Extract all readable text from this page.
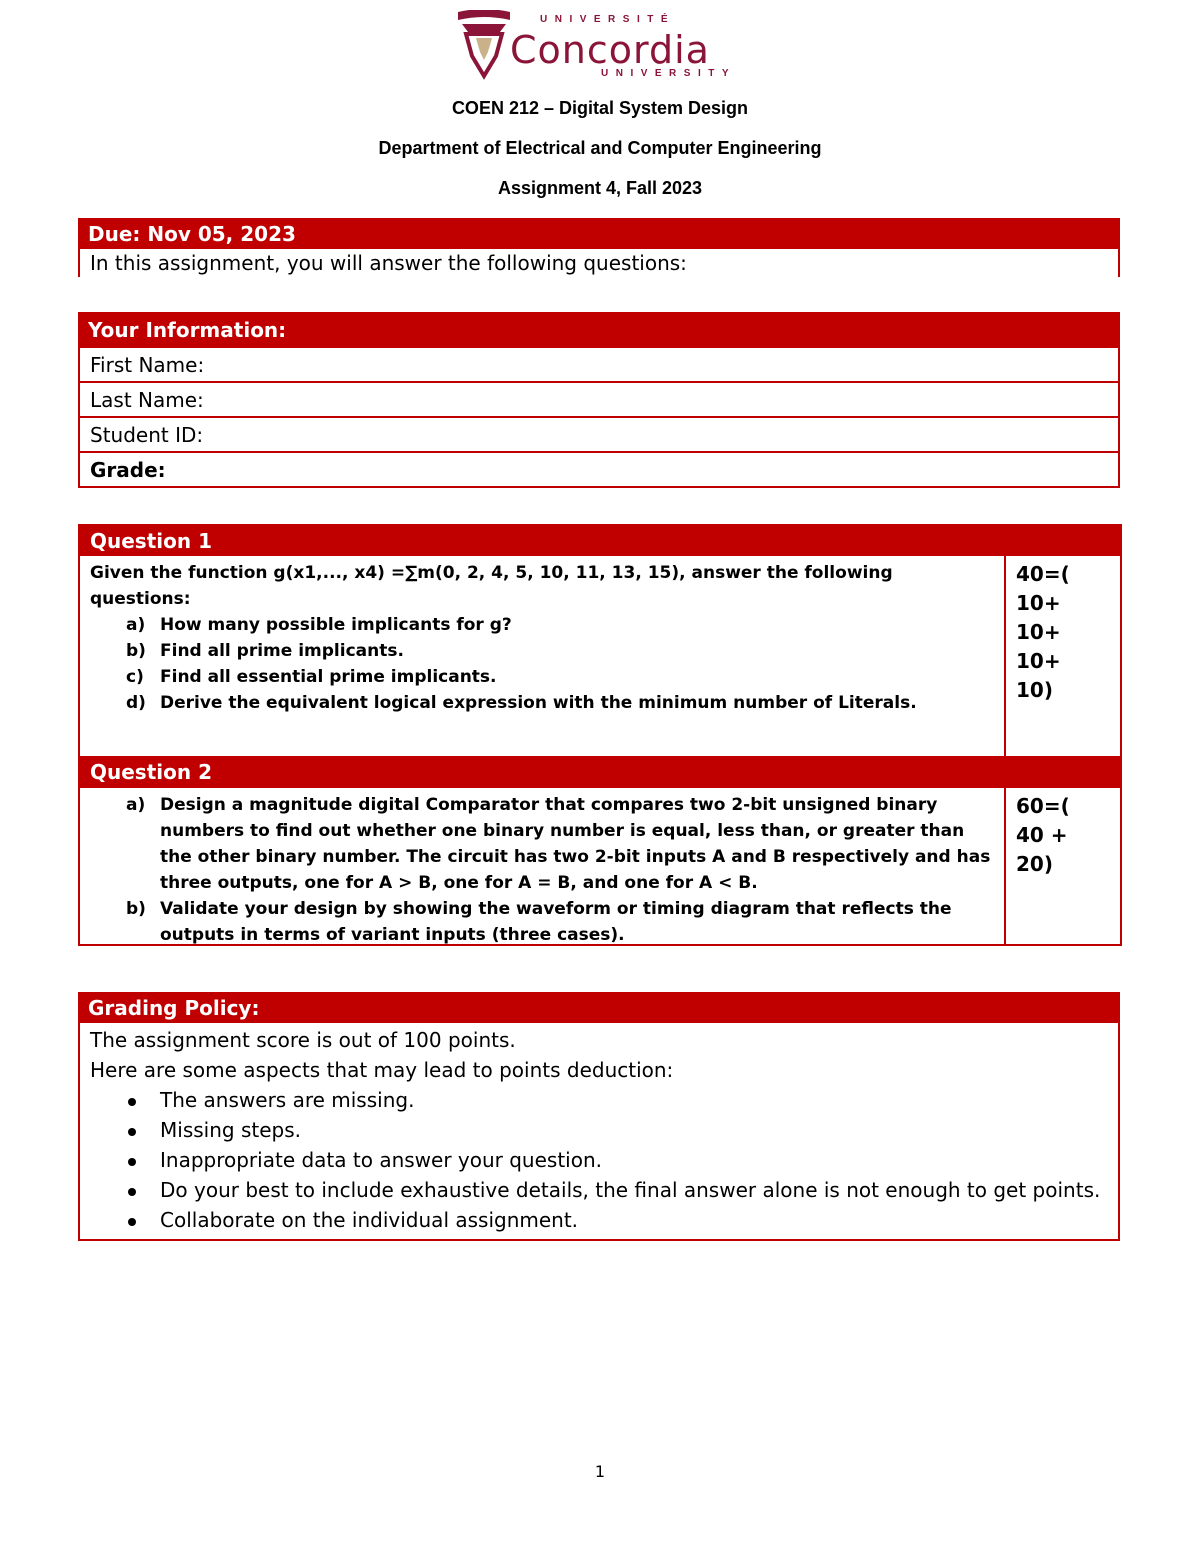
UNIVERSITÉ
Concordia
UNIVERSITY
COEN 212 – Digital System Design
Department of Electrical and Computer Engineering
Assignment 4, Fall 2023
Due: Nov 05, 2023
In this assignment, you will answer the following questions:
Your Information:
First Name:
Last Name:
Student ID:
Grade:
Question 1
Given the function g(x1,..., x4) =∑m(0, 2, 4, 5, 10, 11, 13, 15), answer the following questions:
a) How many possible implicants for g?
b) Find all prime implicants.
c) Find all essential prime implicants.
d) Derive the equivalent logical expression with the minimum number of Literals.
40=(
10+
10+
10+
10)
Question 2
a) Design a magnitude digital Comparator that compares two 2-bit unsigned binary numbers to find out whether one binary number is equal, less than, or greater than the other binary number. The circuit has two 2-bit inputs A and B respectively and has three outputs, one for A > B, one for A = B, and one for A < B.
b) Validate your design by showing the waveform or timing diagram that reflects the outputs in terms of variant inputs (three cases).
60=(
40 +
20)
Grading Policy:
The assignment score is out of 100 points.
Here are some aspects that may lead to points deduction:
The answers are missing.
Missing steps.
Inappropriate data to answer your question.
Do your best to include exhaustive details, the final answer alone is not enough to get points.
Collaborate on the individual assignment.
1
